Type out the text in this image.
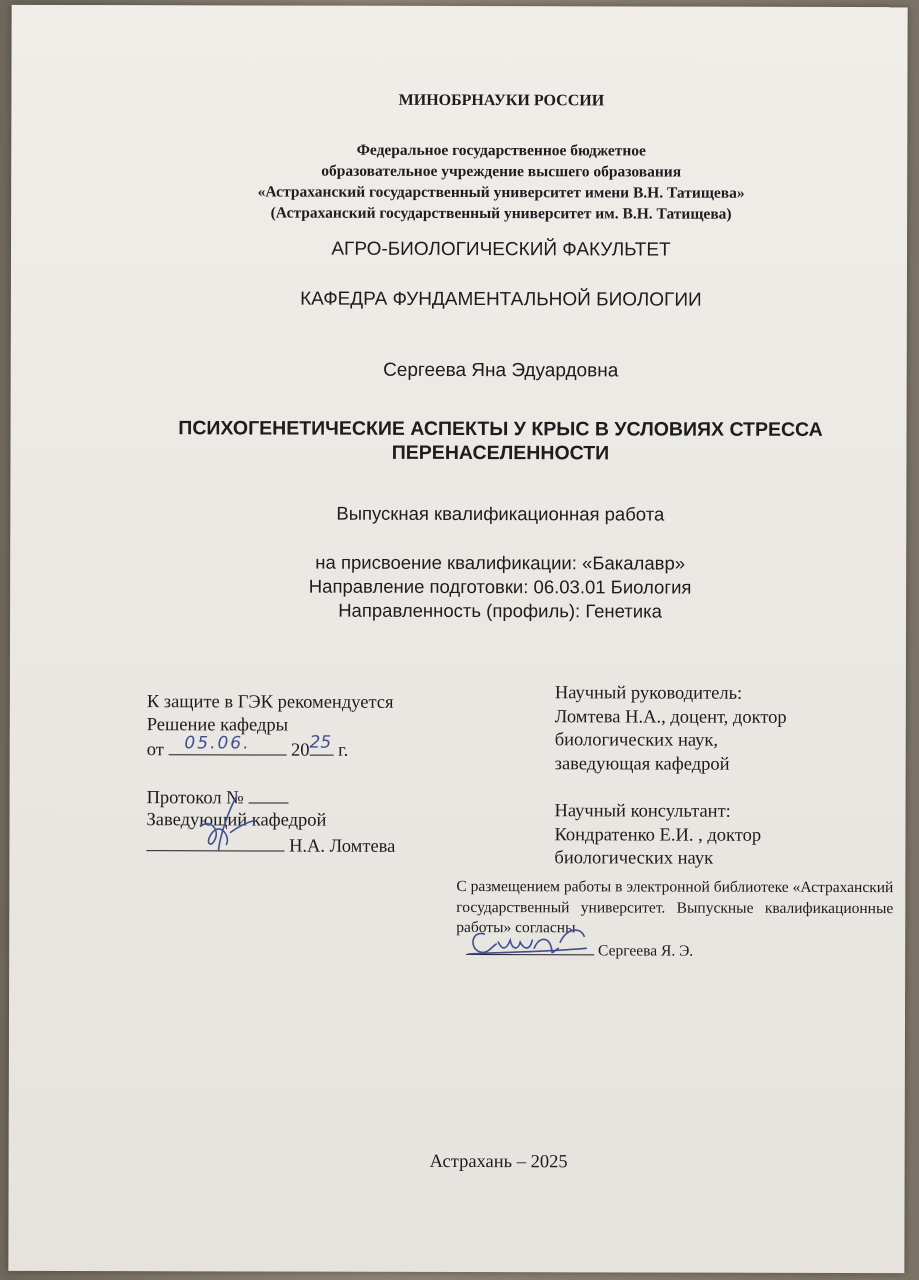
МИНОБРНАУКИ РОССИИ
Федеральное государственное бюджетное
образовательное учреждение высшего образования
«Астраханский государственный университет имени В.Н. Татищева»
(Астраханский государственный университет им. В.Н. Татищева)
АГРО-БИОЛОГИЧЕСКИЙ ФАКУЛЬТЕТ
КАФЕДРА ФУНДАМЕНТАЛЬНОЙ БИОЛОГИИ
Сергеева Яна Эдуардовна
ПСИХОГЕНЕТИЧЕСКИЕ АСПЕКТЫ У КРЫС В УСЛОВИЯХ СТРЕССА
ПЕРЕНАСЕЛЕННОСТИ
Выпускная квалификационная работа
на присвоение квалификации: «Бакалавр»
Направление подготовки: 06.03.01 Биология
Направленность (профиль): Генетика
К защите в ГЭК рекомендуется
Решение кафедры
от 05.06. 20 25 г.
Протокол №
Заведующий кафедрой
Н.А. Ломтева
Научный руководитель:
Ломтева Н.А., доцент, доктор
биологических наук,
заведующая кафедрой
Научный консультант:
Кондратенко Е.И. , доктор
биологических наук
С размещением работы в электронной библиотеке «Астраханский государственный университет. Выпускные квалификационные работы» согласны
Сергеева Я. Э.
Астрахань – 2025
